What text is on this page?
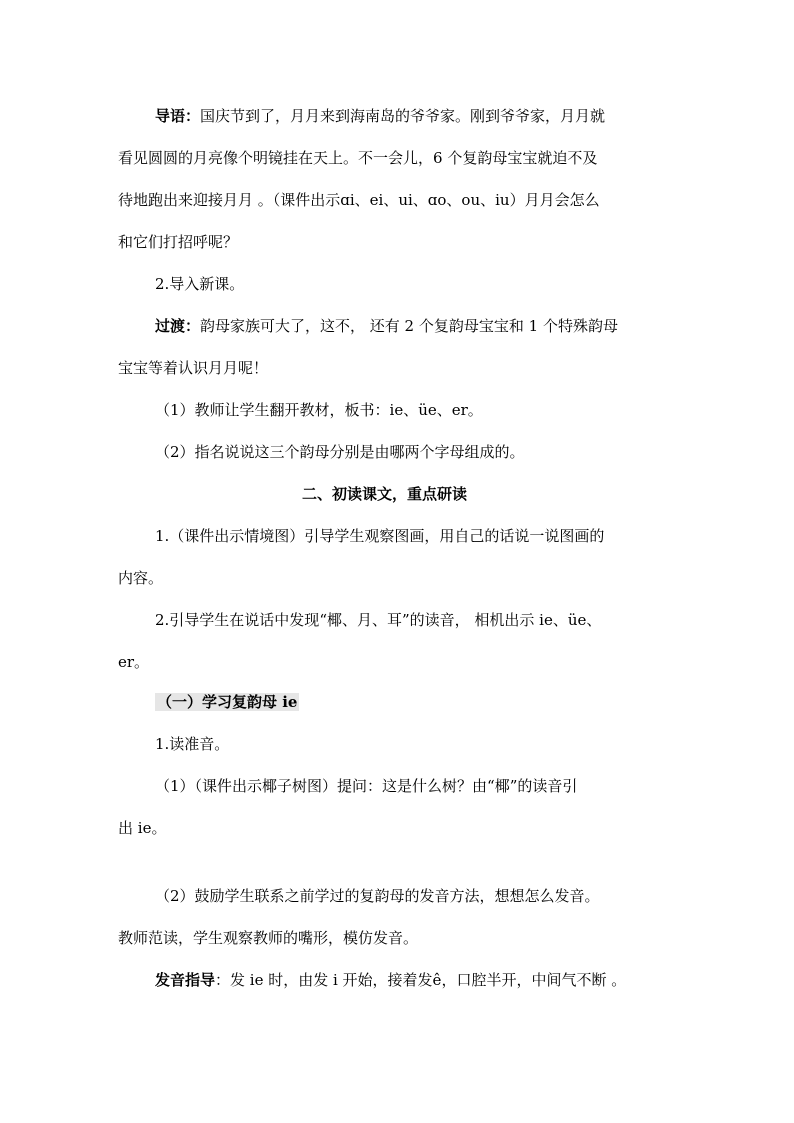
导语：国庆节到了，月月来到海南岛的爷爷家。刚到爷爷家，月月就
看见圆圆的月亮像个明镜挂在天上。不一会儿，6 个复韵母宝宝就迫不及
待地跑出来迎接月月 。（课件出示ɑi、ei、ui、ɑo、ou、iu）月月会怎么
和它们打招呼呢？
2.导入新课。
过渡：韵母家族可大了，这不， 还有 2 个复韵母宝宝和 1 个特殊韵母
宝宝等着认识月月呢！
（1）教师让学生翻开教材，板书：ie、üe、er。
（2）指名说说这三个韵母分别是由哪两个字母组成的。
二、初读课文，重点研读
1.（课件出示情境图）引导学生观察图画，用自己的话说一说图画的
内容。
2.引导学生在说话中发现“椰、月、耳”的读音， 相机出示 ie、üe、
er。
（一）学习复韵母 ie
1.读准音。
（1）（课件出示椰子树图）提问：这是什么树？由“椰”的读音引
出 ie。
（2）鼓励学生联系之前学过的复韵母的发音方法，想想怎么发音。
教师范读，学生观察教师的嘴形，模仿发音。
发音指导：发 ie 时，由发 i 开始，接着发ê，口腔半开，中间气不断 。
